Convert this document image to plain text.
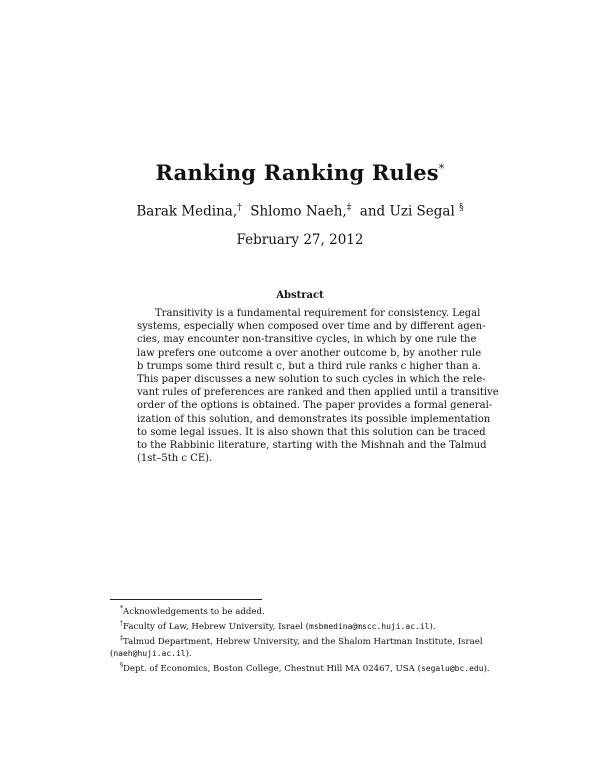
Ranking Ranking Rules*
Barak Medina,† Shlomo Naeh,‡ and Uzi Segal §
February 27, 2012
Abstract
Transitivity is a fundamental requirement for consistency. Legal
systems, especially when composed over time and by different agen-
cies, may encounter non-transitive cycles, in which by one rule the
law prefers one outcome a over another outcome b, by another rule
b trumps some third result c, but a third rule ranks c higher than a.
This paper discusses a new solution to such cycles in which the rele-
vant rules of preferences are ranked and then applied until a transitive
order of the options is obtained. The paper provides a formal general-
ization of this solution, and demonstrates its possible implementation
to some legal issues. It is also shown that this solution can be traced
to the Rabbinic literature, starting with the Mishnah and the Talmud
(1st–5th c CE).
*Acknowledgements to be added.
†Faculty of Law, Hebrew University, Israel (msbmedina@mscc.huji.ac.il).
‡Talmud Department, Hebrew University, and the Shalom Hartman Institute, Israel
(naeh@huji.ac.il).
§Dept. of Economics, Boston College, Chestnut Hill MA 02467, USA (segalu@bc.edu).
